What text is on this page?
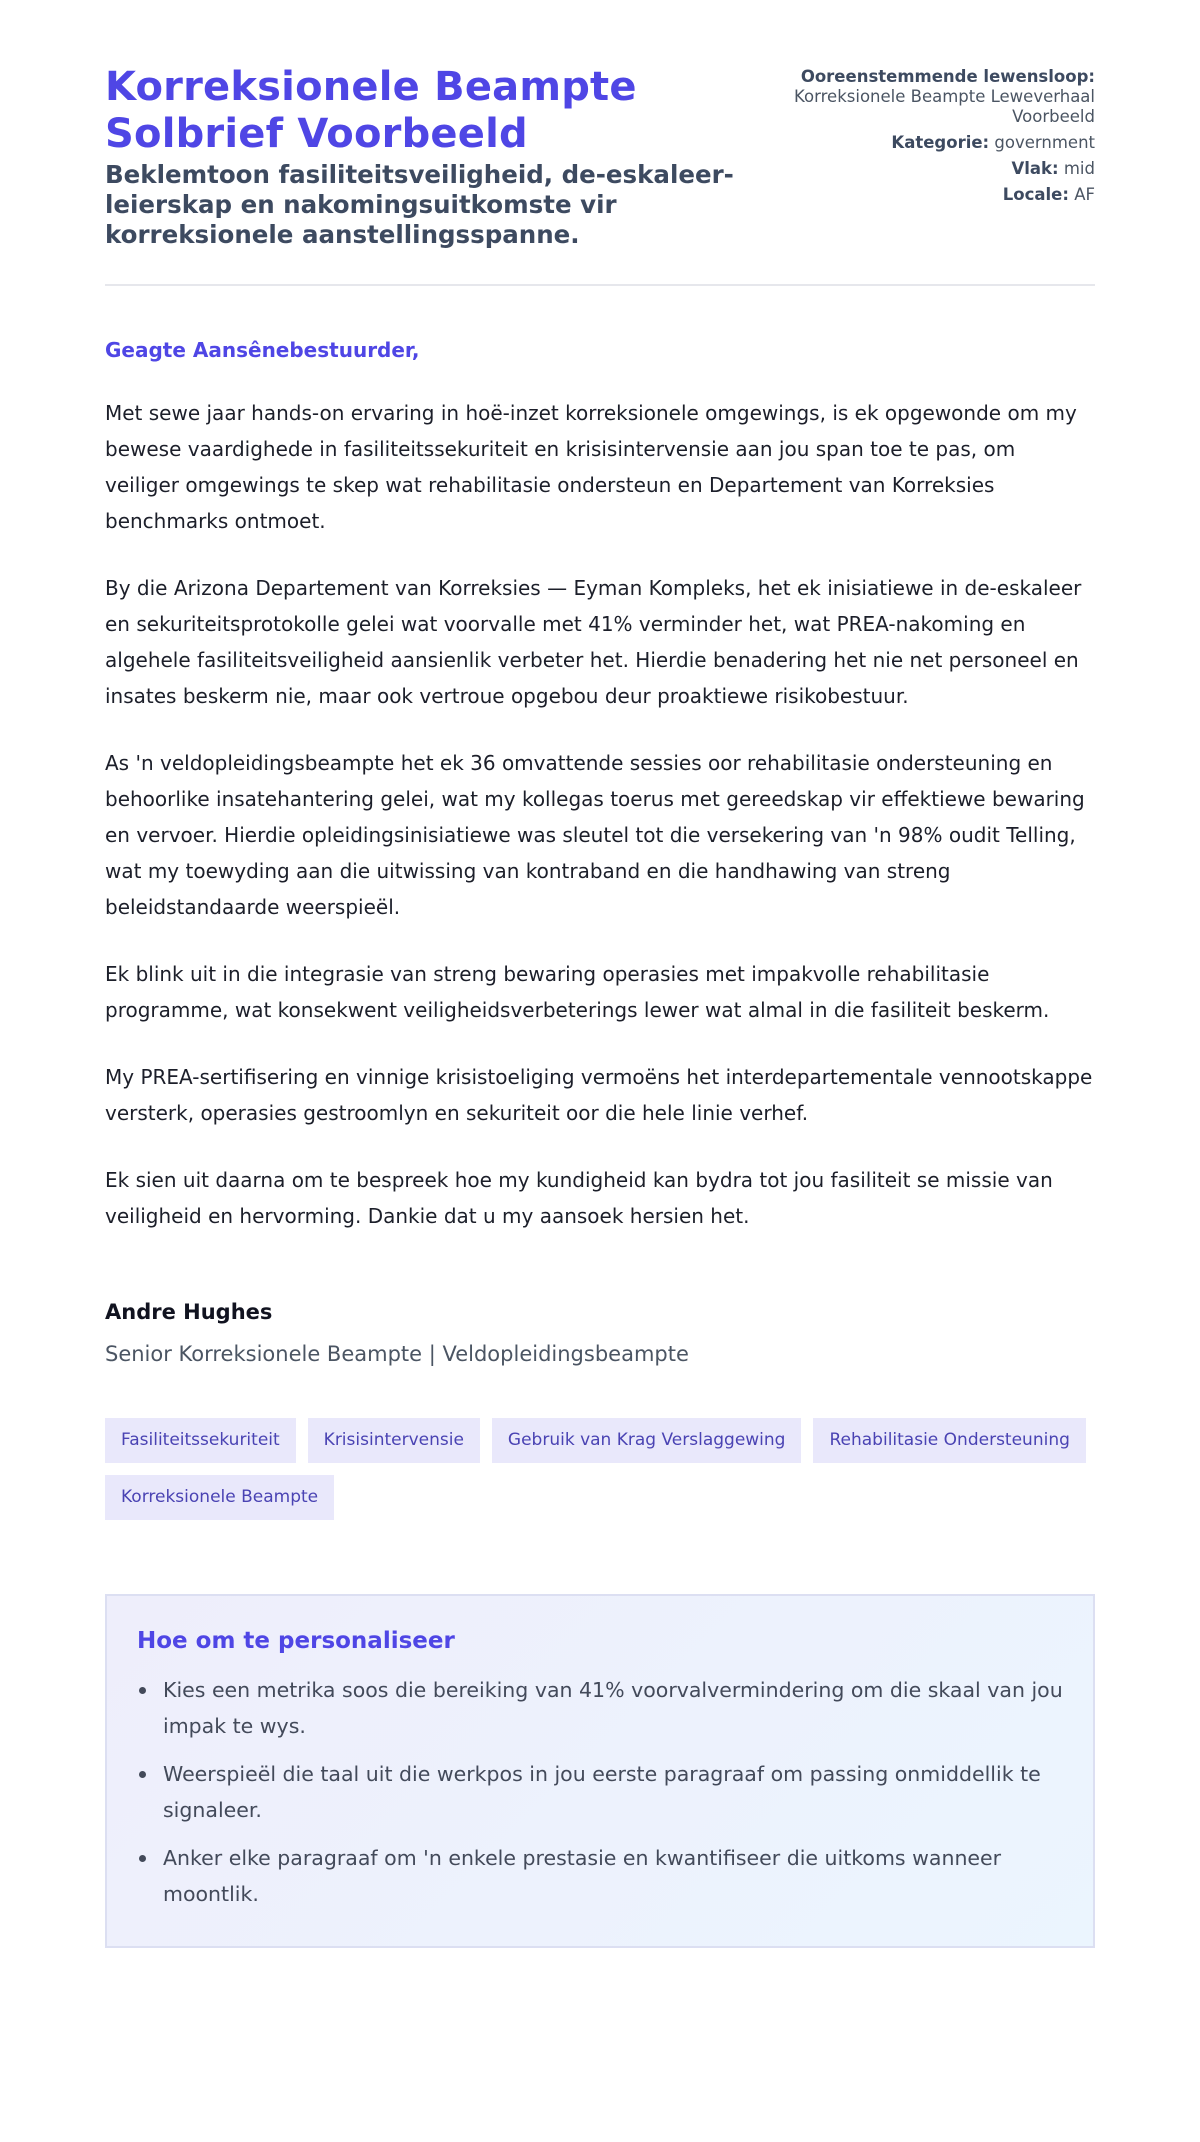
Korreksionele Beampte Solbrief Voorbeeld
Beklemtoon fasiliteitsveiligheid, de-eskaleer-leierskap en nakomingsuitkomste vir korreksionele aanstellingsspanne.
Ooreenstemmende lewensloop: Korreksionele Beampte Leweverhaal Voorbeeld
Kategorie: government
Vlak: mid
Locale: AF

Geagte Aansênebestuurder,

Met sewe jaar hands-on ervaring in hoë-inzet korreksionele omgewings, is ek opgewonde om my bewese vaardighede in fasiliteitssekuriteit en krisisintervensie aan jou span toe te pas, om veiliger omgewings te skep wat rehabilitasie ondersteun en Departement van Korreksies benchmarks ontmoet.

By die Arizona Departement van Korreksies — Eyman Kompleks, het ek inisiatiewe in de-eskaleer en sekuriteitsprotokolle gelei wat voorvalle met 41% verminder het, wat PREA-nakoming en algehele fasiliteitsveiligheid aansienlik verbeter het. Hierdie benadering het nie net personeel en insates beskerm nie, maar ook vertroue opgebou deur proaktiewe risikobestuur.

As 'n veldopleidingsbeampte het ek 36 omvattende sessies oor rehabilitasie ondersteuning en behoorlike insatehantering gelei, wat my kollegas toerus met gereedskap vir effektiewe bewaring en vervoer. Hierdie opleidingsinisiatiewe was sleutel tot die versekering van 'n 98% oudit Telling, wat my toewyding aan die uitwissing van kontraband en die handhawing van streng beleidstandaarde weerspieël.

Ek blink uit in die integrasie van streng bewaring operasies met impakvolle rehabilitasie programme, wat konsekwent veiligheidsverbeterings lewer wat almal in die fasiliteit beskerm.

My PREA-sertifisering en vinnige krisistoeliging vermoëns het interdepartementale vennootskappe versterk, operasies gestroomlyn en sekuriteit oor die hele linie verhef.

Ek sien uit daarna om te bespreek hoe my kundigheid kan bydra tot jou fasiliteit se missie van veiligheid en hervorming. Dankie dat u my aansoek hersien het.

Andre Hughes
Senior Korreksionele Beampte | Veldopleidingsbeampte
Fasiliteitssekuriteit	Krisisintervensie	Gebruik van Krag Verslaggewing	Rehabilitasie Ondersteuning
Korreksionele Beampte
Hoe om te personaliseer
Kies een metrika soos die bereiking van 41% voorvalvermindering om die skaal van jou impak te wys.
Weerspieël die taal uit die werkpos in jou eerste paragraaf om passing onmiddellik te signaleer.
Anker elke paragraaf om 'n enkele prestasie en kwantifiseer die uitkoms wanneer moontlik.
